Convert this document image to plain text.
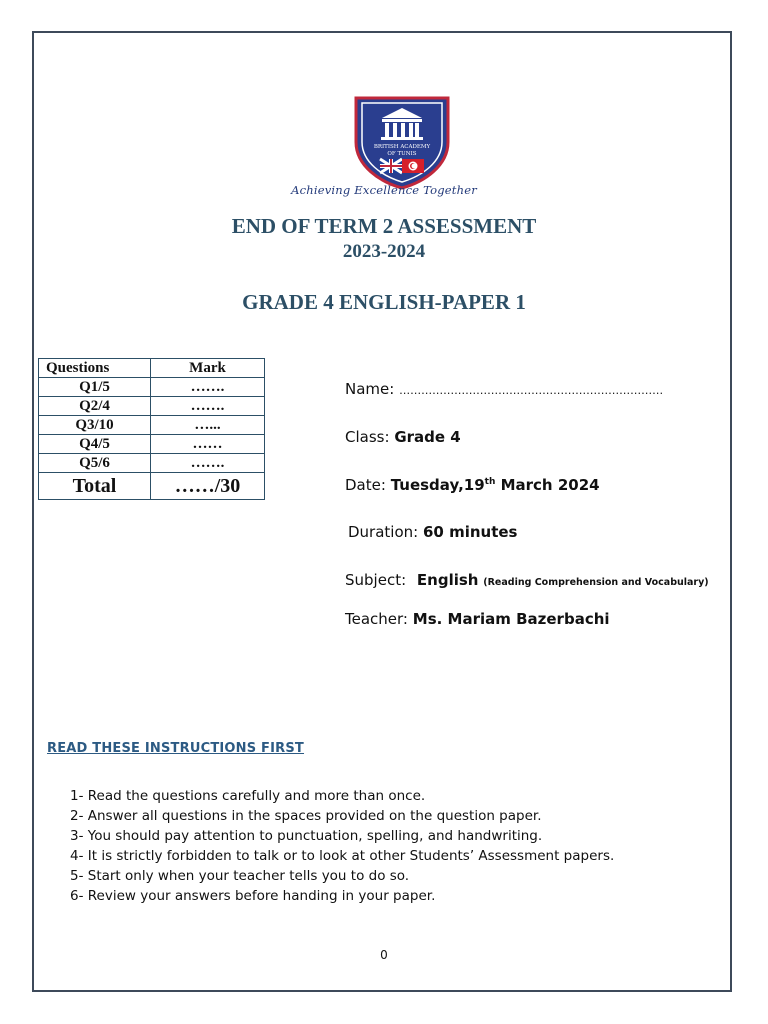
BRITISH ACADEMY
OF TUNIS
Achieving Excellence Together
END OF TERM 2 ASSESSMENT
2023-2024
GRADE 4 ENGLISH-PAPER 1
Questions	Mark
Q1/5	…….
Q2/4	…….
Q3/10	…...
Q4/5	……
Q5/6	…….
Total	……/30
Name: ………………………………………………………………
Class: Grade 4
Date: Tuesday,19th March 2024
Duration: 60 minutes
Subject: English (Reading Comprehension and Vocabulary)
Teacher: Ms. Mariam Bazerbachi
READ THESE INSTRUCTIONS FIRST
1- Read the questions carefully and more than once.
2- Answer all questions in the spaces provided on the question paper.
3- You should pay attention to punctuation, spelling, and handwriting.
4- It is strictly forbidden to talk or to look at other Students’ Assessment papers.
5- Start only when your teacher tells you to do so.
6- Review your answers before handing in your paper.
0
